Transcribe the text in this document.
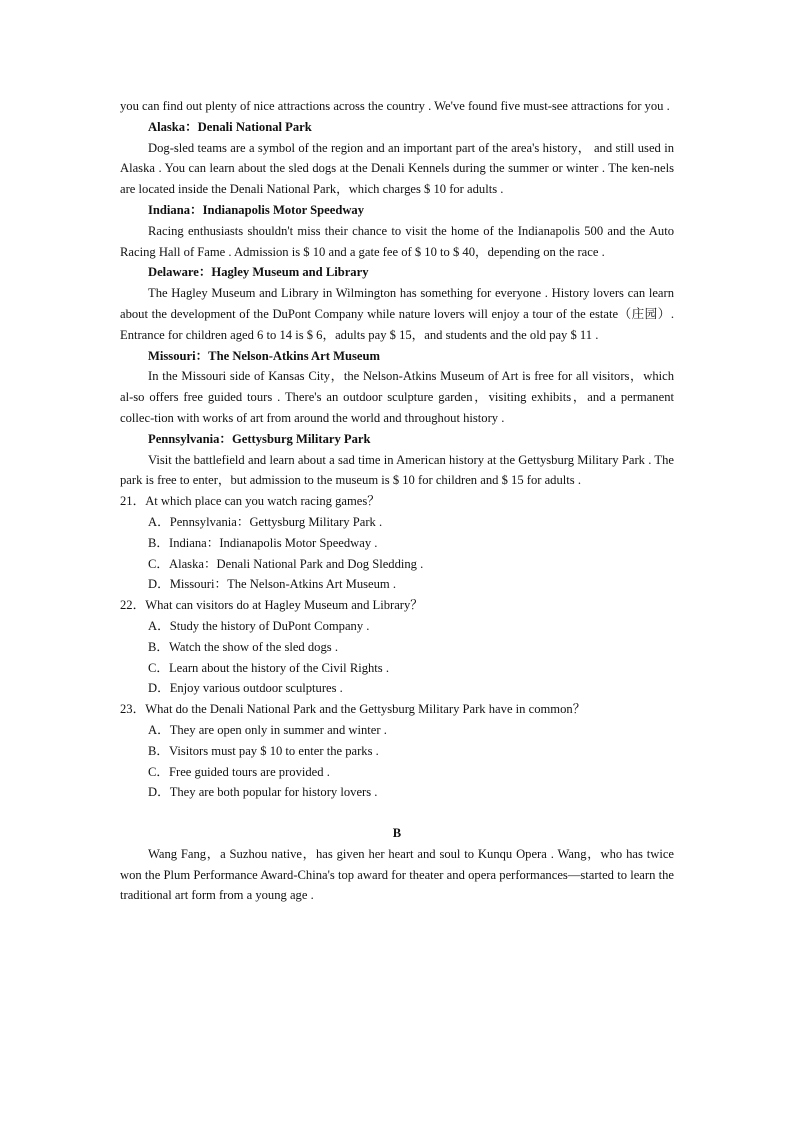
you can find out plenty of nice attractions across the country . We've found five must-see attractions for you .

Alaska：Denali National Park

Dog-sled teams are a symbol of the region and an important part of the area's history， and still used in Alaska . You can learn about the sled dogs at the Denali Kennels during the summer or winter . The ken-nels are located inside the Denali National Park，which charges $ 10 for adults .

Indiana：Indianapolis Motor Speedway

Racing enthusiasts shouldn't miss their chance to visit the home of the Indianapolis 500 and the Auto Racing Hall of Fame . Admission is $ 10 and a gate fee of $ 10 to $ 40，depending on the race .

Delaware：Hagley Museum and Library

The Hagley Museum and Library in Wilmington has something for everyone . History lovers can learn about the development of the DuPont Company while nature lovers will enjoy a tour of the estate（庄园）. Entrance for children aged 6 to 14 is $ 6，adults pay $ 15，and students and the old pay $ 11 .

Missouri：The Nelson-Atkins Art Museum

In the Missouri side of Kansas City，the Nelson-Atkins Museum of Art is free for all visitors，which al-so offers free guided tours . There's an outdoor sculpture garden，visiting exhibits，and a permanent collec-tion with works of art from around the world and throughout history .

Pennsylvania：Gettysburg Military Park

Visit the battlefield and learn about a sad time in American history at the Gettysburg Military Park . The park is free to enter，but admission to the museum is $ 10 for children and $ 15 for adults .

21．At which place can you watch racing games？

A．Pennsylvania：Gettysburg Military Park .

B．Indiana：Indianapolis Motor Speedway .

C．Alaska：Denali National Park and Dog Sledding .

D．Missouri：The Nelson-Atkins Art Museum .

22．What can visitors do at Hagley Museum and Library？

A．Study the history of DuPont Company .

B．Watch the show of the sled dogs .

C．Learn about the history of the Civil Rights .

D．Enjoy various outdoor sculptures .

23．What do the Denali National Park and the Gettysburg Military Park have in common？

A．They are open only in summer and winter .

B．Visitors must pay $ 10 to enter the parks .

C．Free guided tours are provided .

D．They are both popular for history lovers .

B

Wang Fang，a Suzhou native，has given her heart and soul to Kunqu Opera . Wang，who has twice won the Plum Performance Award-China's top award for theater and opera performances—started to learn the traditional art form from a young age .
